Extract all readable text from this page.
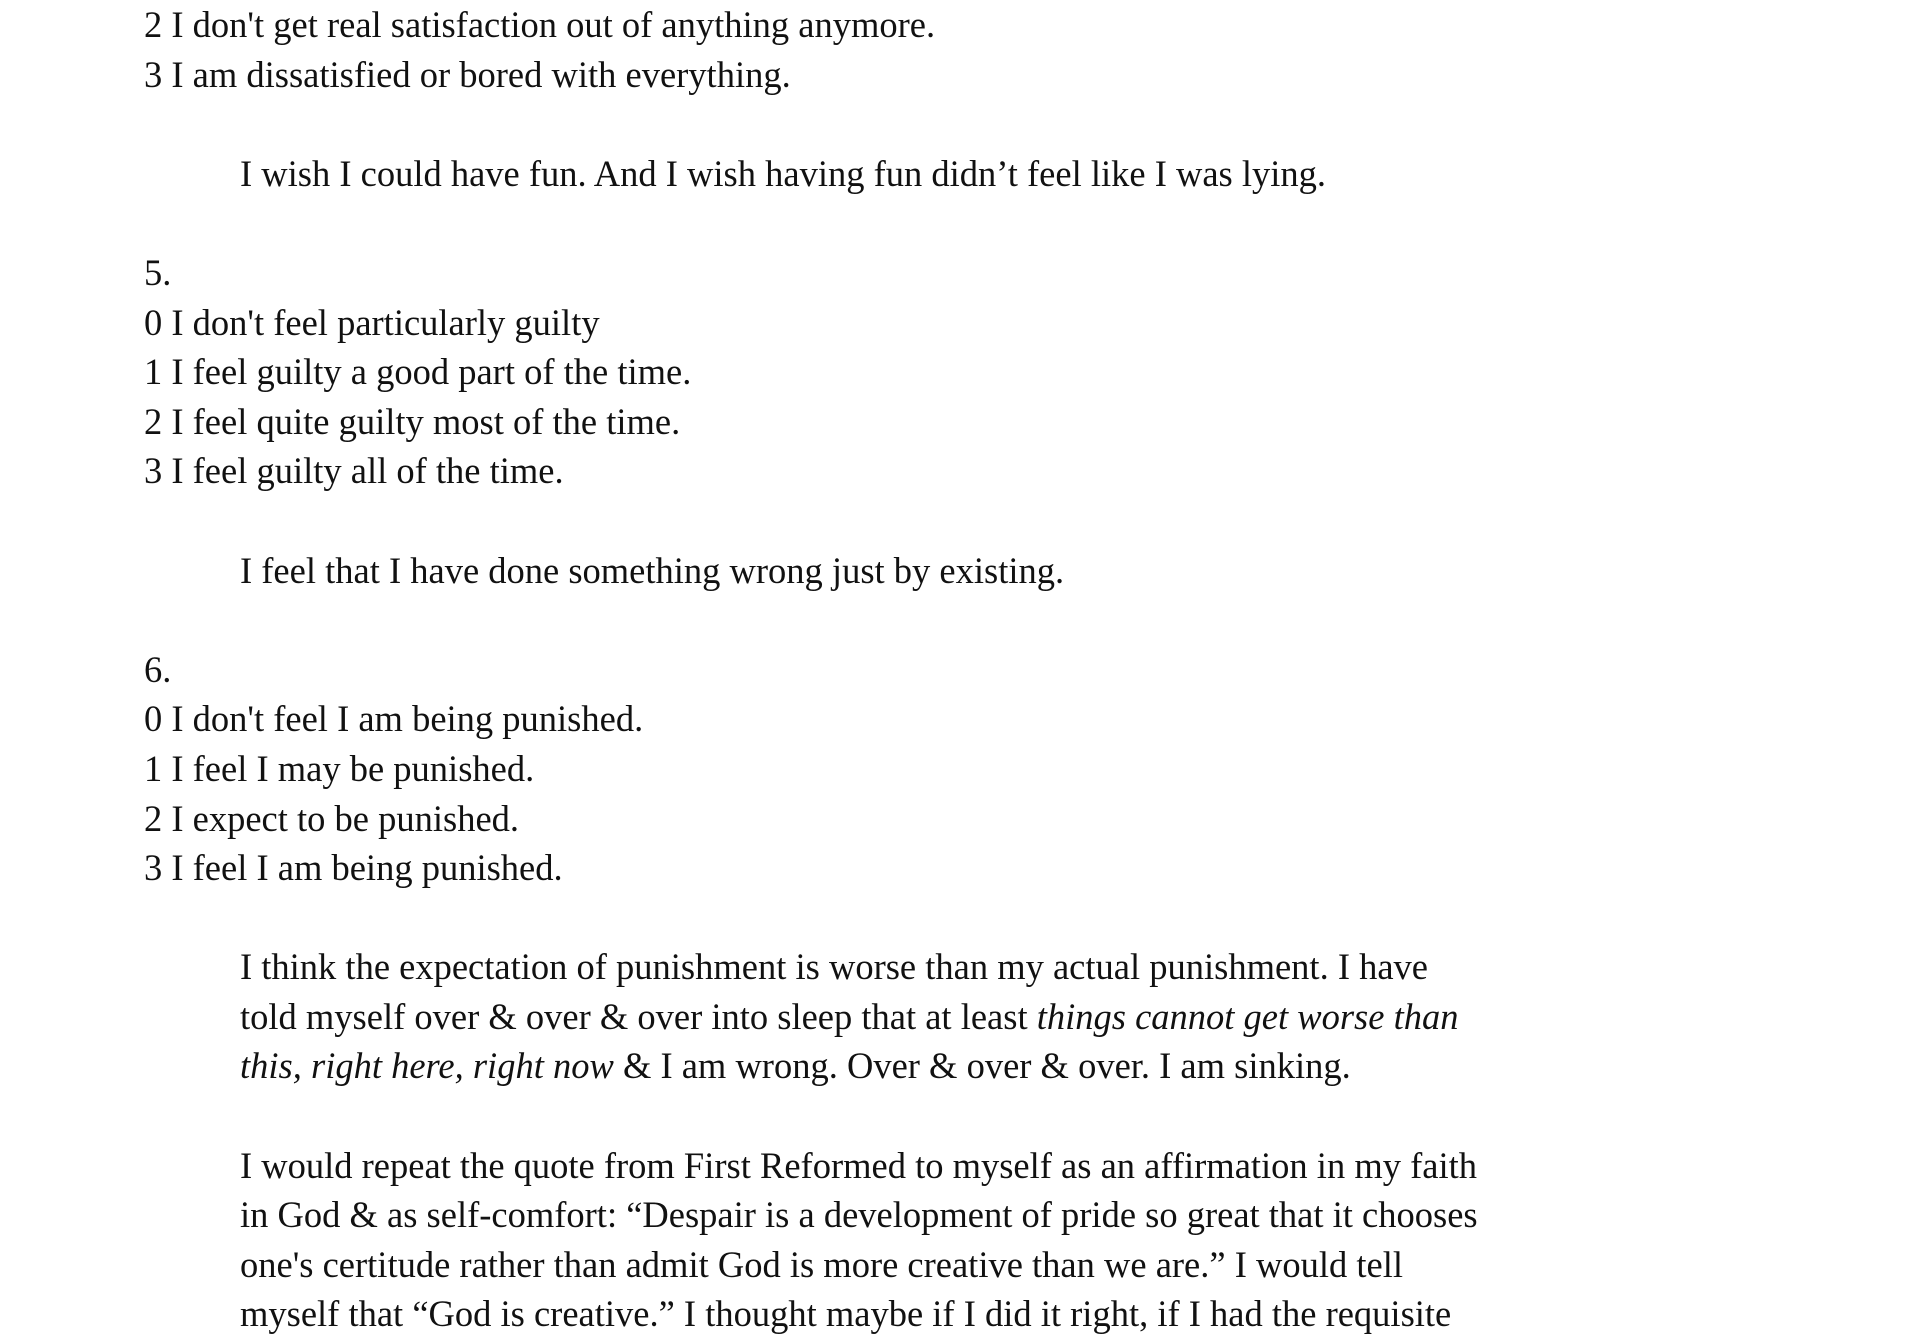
2 I don't get real satisfaction out of anything anymore.
3 I am dissatisfied or bored with everything.
I wish I could have fun. And I wish having fun didn’t feel like I was lying.
5.
0 I don't feel particularly guilty
1 I feel guilty a good part of the time.
2 I feel quite guilty most of the time.
3 I feel guilty all of the time.
I feel that I have done something wrong just by existing.
6.
0 I don't feel I am being punished.
1 I feel I may be punished.
2 I expect to be punished.
3 I feel I am being punished.
I think the expectation of punishment is worse than my actual punishment. I have
told myself over & over & over into sleep that at least things cannot get worse than
this, right here, right now & I am wrong. Over & over & over. I am sinking.
I would repeat the quote from First Reformed to myself as an affirmation in my faith
in God & as self-comfort: “Despair is a development of pride so great that it chooses
one's certitude rather than admit God is more creative than we are.” I would tell
myself that “God is creative.” I thought maybe if I did it right, if I had the requisite
